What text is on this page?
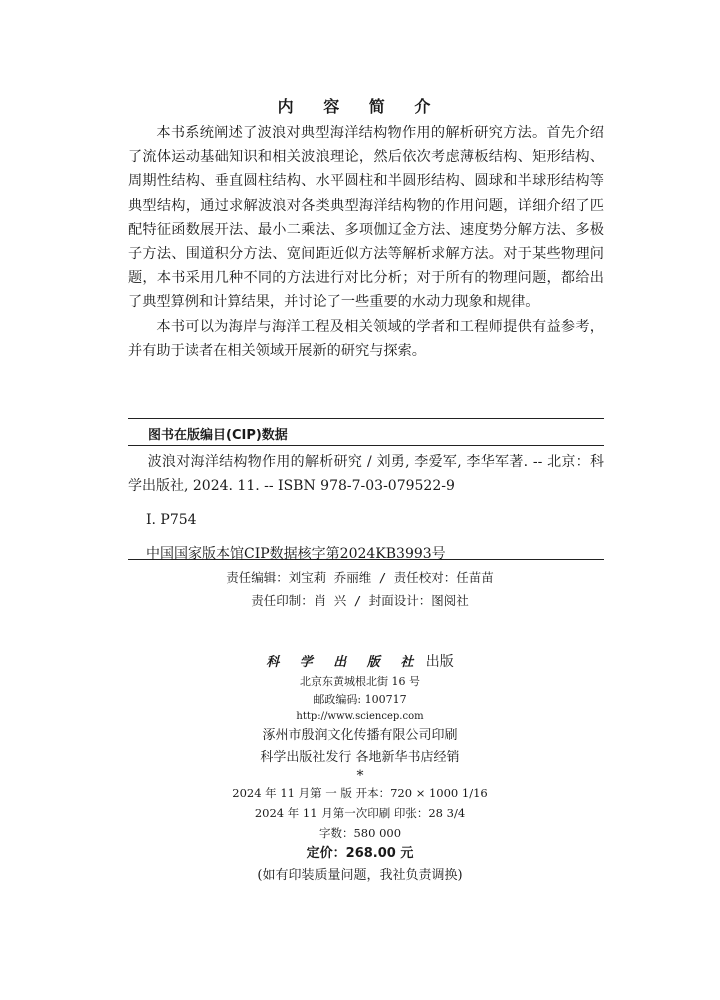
内 容 简 介

本书系统阐述了波浪对典型海洋结构物作用的解析研究方法。首先介绍了流体运动基础知识和相关波浪理论，然后依次考虑薄板结构、矩形结构、周期性结构、垂直圆柱结构、水平圆柱和半圆形结构、圆球和半球形结构等典型结构，通过求解波浪对各类典型海洋结构物的作用问题，详细介绍了匹配特征函数展开法、最小二乘法、多项伽辽金方法、速度势分解方法、多极子方法、围道积分方法、宽间距近似方法等解析求解方法。对于某些物理问题，本书采用几种不同的方法进行对比分析；对于所有的物理问题，都给出了典型算例和计算结果，并讨论了一些重要的水动力现象和规律。

本书可以为海岸与海洋工程及相关领域的学者和工程师提供有益参考，并有助于读者在相关领域开展新的研究与探索。

图书在版编目(CIP)数据
波浪对海洋结构物作用的解析研究 / 刘勇, 李爱军, 李华军著. -- 北京：科学出版社, 2024. 11. -- ISBN 978-7-03-079522-9
Ⅰ. P754
中国国家版本馆CIP数据核字第2024KB3993号
责任编辑：刘宝莉 乔丽维 / 责任校对：任苗苗
责任印制：肖 兴 / 封面设计：图阅社
科 学 出 版 社 出版
北京东黄城根北街 16 号
邮政编码: 100717
http://www.sciencep.com
涿州市殷润文化传播有限公司印刷
科学出版社发行 各地新华书店经销
*
2024 年 11 月第 一 版 开本：720 × 1000 1/16
2024 年 11 月第一次印刷 印张：28 3/4
字数：580 000
定价：268.00 元
(如有印装质量问题，我社负责调换)
